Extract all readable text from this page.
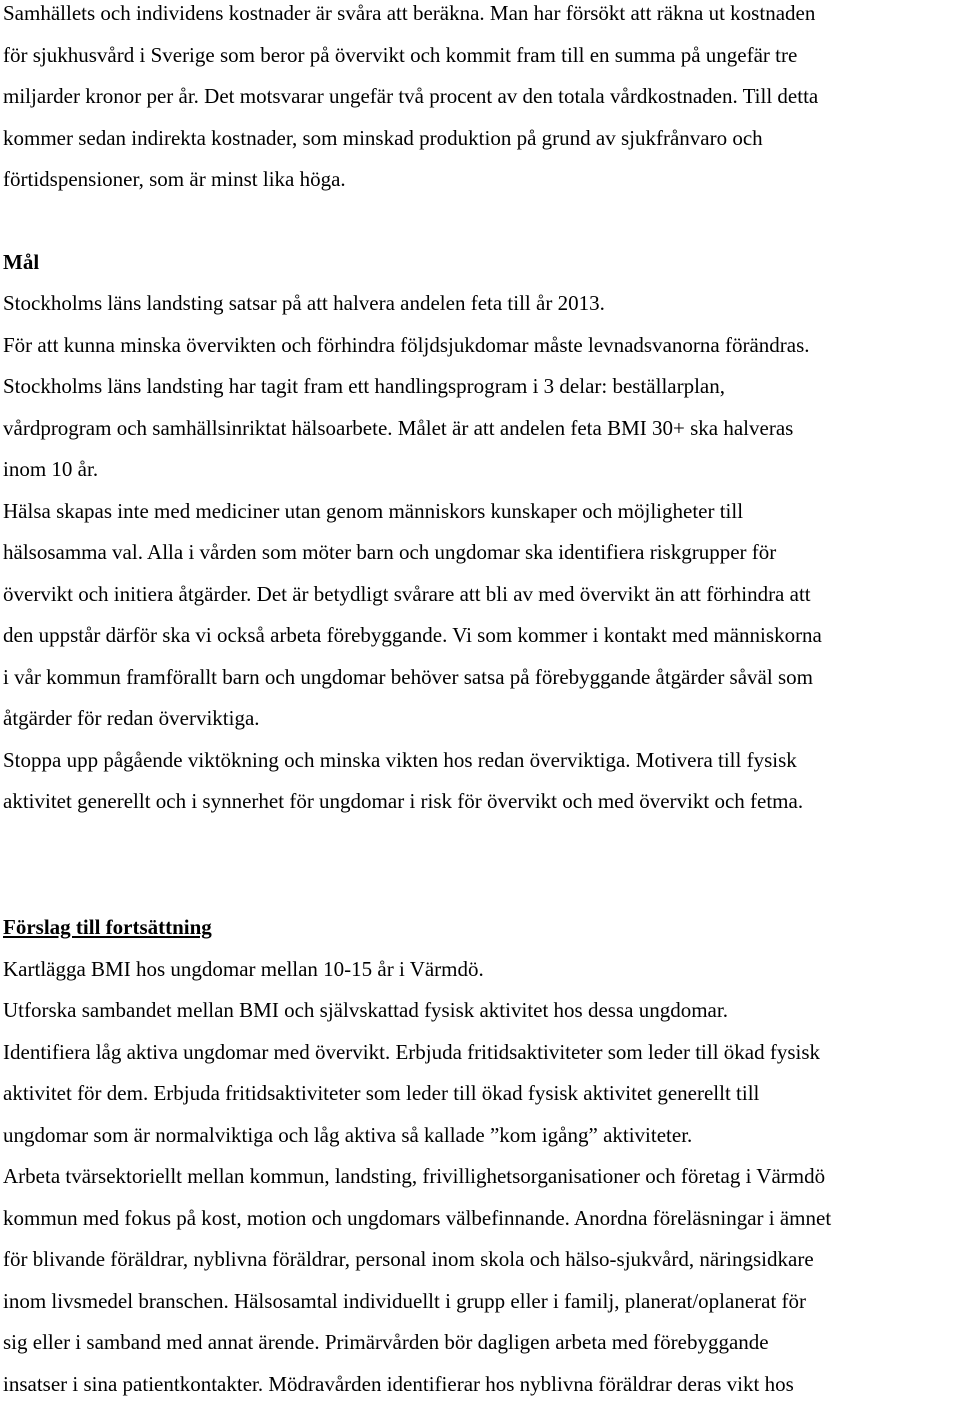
Samhällets och individens kostnader är svåra att beräkna. Man har försökt att räkna ut kostnaden
för sjukhusvård i Sverige som beror på övervikt och kommit fram till en summa på ungefär tre
miljarder kronor per år. Det motsvarar ungefär två procent av den totala vårdkostnaden. Till detta
kommer sedan indirekta kostnader, som minskad produktion på grund av sjukfrånvaro och
förtidspensioner, som är minst lika höga.
Mål
Stockholms läns landsting satsar på att halvera andelen feta till år 2013.
För att kunna minska övervikten och förhindra följdsjukdomar måste levnadsvanorna förändras.
Stockholms läns landsting har tagit fram ett handlingsprogram i 3 delar: beställarplan,
vårdprogram och samhällsinriktat hälsoarbete. Målet är att andelen feta BMI 30+ ska halveras
inom 10 år.
Hälsa skapas inte med mediciner utan genom människors kunskaper och möjligheter till
hälsosamma val. Alla i vården som möter barn och ungdomar ska identifiera riskgrupper för
övervikt och initiera åtgärder. Det är betydligt svårare att bli av med övervikt än att förhindra att
den uppstår därför ska vi också arbeta förebyggande. Vi som kommer i kontakt med människorna
i vår kommun framförallt barn och ungdomar behöver satsa på förebyggande åtgärder såväl som
åtgärder för redan överviktiga.
Stoppa upp pågående viktökning och minska vikten hos redan överviktiga. Motivera till fysisk
aktivitet generellt och i synnerhet för ungdomar i risk för övervikt och med övervikt och fetma.
Förslag till fortsättning
Kartlägga BMI hos ungdomar mellan 10-15 år i Värmdö.
Utforska sambandet mellan BMI och självskattad fysisk aktivitet hos dessa ungdomar.
Identifiera låg aktiva ungdomar med övervikt. Erbjuda fritidsaktiviteter som leder till ökad fysisk
aktivitet för dem. Erbjuda fritidsaktiviteter som leder till ökad fysisk aktivitet generellt till
ungdomar som är normalviktiga och låg aktiva så kallade ”kom igång” aktiviteter.
Arbeta tvärsektoriellt mellan kommun, landsting, frivillighetsorganisationer och företag i Värmdö
kommun med fokus på kost, motion och ungdomars välbefinnande. Anordna föreläsningar i ämnet
för blivande föräldrar, nyblivna föräldrar, personal inom skola och hälso-sjukvård, näringsidkare
inom livsmedel branschen. Hälsosamtal individuellt i grupp eller i familj, planerat/oplanerat för
sig eller i samband med annat ärende. Primärvården bör dagligen arbeta med förebyggande
insatser i sina patientkontakter. Mödravården identifierar hos nyblivna föräldrar deras vikt hos
